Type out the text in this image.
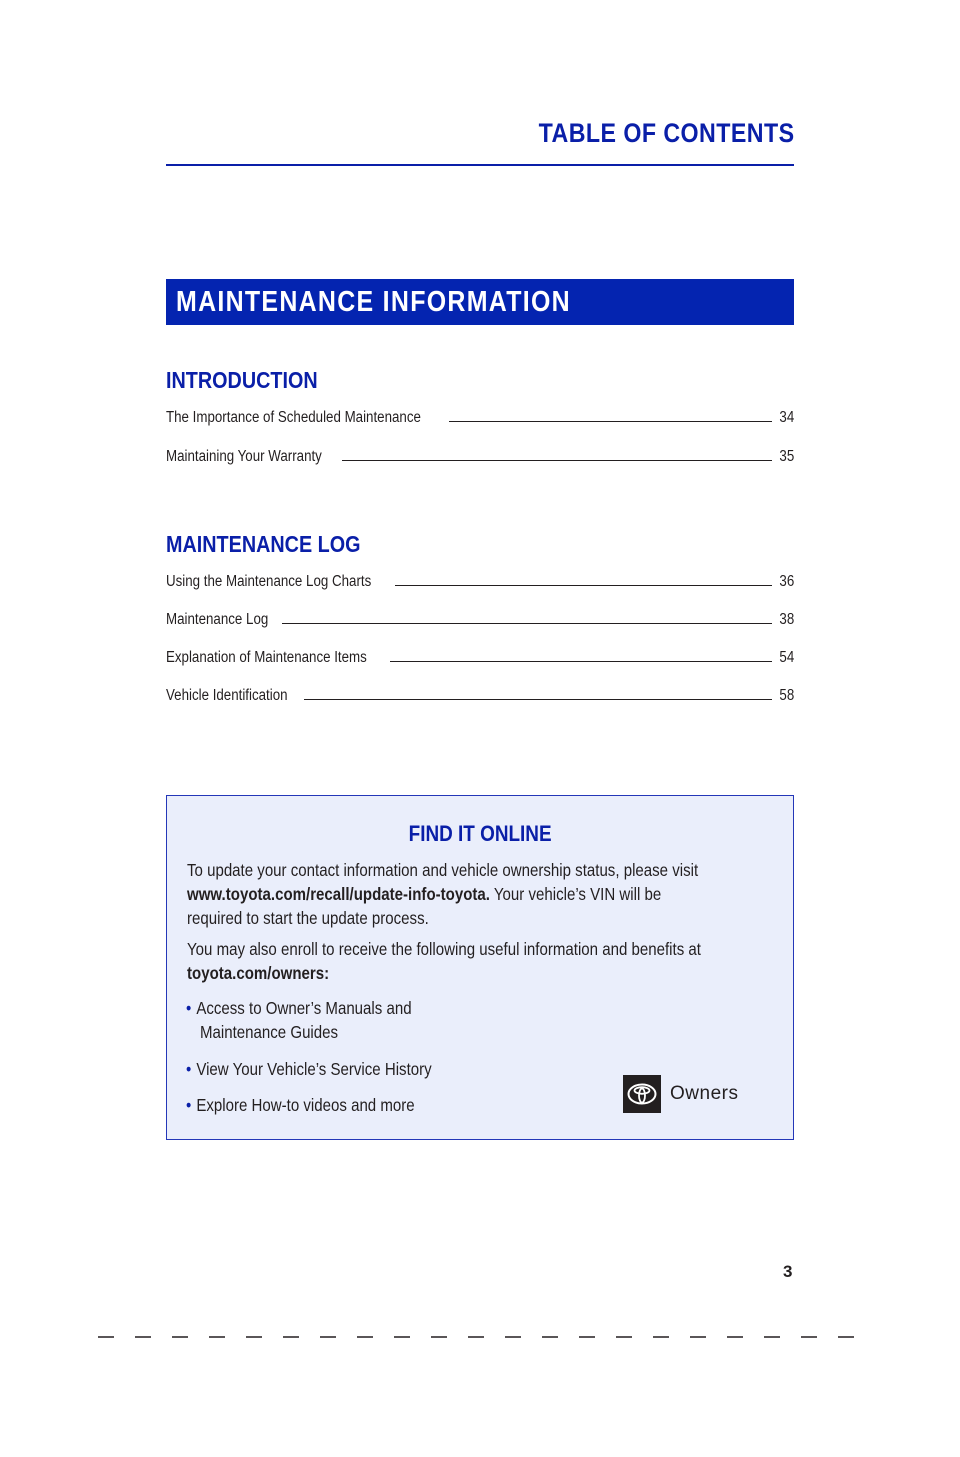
TABLE OF CONTENTS
MAINTENANCE INFORMATION
INTRODUCTION
The Importance of Scheduled Maintenance	34
Maintaining Your Warranty	35
MAINTENANCE LOG
Using the Maintenance Log Charts	36
Maintenance Log	38
Explanation of Maintenance Items	54
Vehicle Identification	58
FIND IT ONLINE
To update your contact information and vehicle ownership status, please visit
www.toyota.com/recall/update-info-toyota. Your vehicle’s VIN will be
required to start the update process.
You may also enroll to receive the following useful information and benefits at
toyota.com/owners:
• Access to Owner’s Manuals and
Maintenance Guides
• View Your Vehicle’s Service History
• Explore How-to videos and more
Owners
3
